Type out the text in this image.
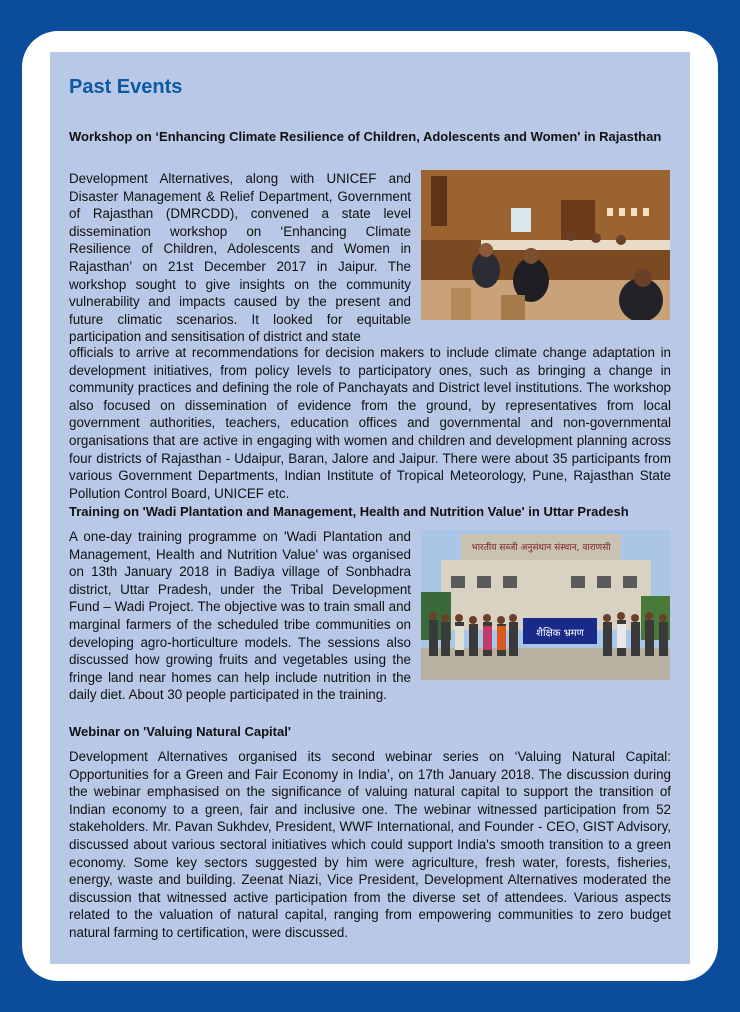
Past Events
Workshop on ‘Enhancing Climate Resilience of Children, Adolescents and Women' in Rajasthan

Development Alternatives, along with UNICEF and Disaster Management & Relief Department, Government of Rajasthan (DMRCDD), convened a state level dissemination workshop on ‘Enhancing Climate Resilience of Children, Adolescents and Women in Rajasthan’ on 21st December 2017 in Jaipur. The workshop sought to give insights on the community vulnerability and impacts caused by the present and future climatic scenarios. It looked for equitable participation and sensitisation of district and state

officials to arrive at recommendations for decision makers to include climate change adaptation in development initiatives, from policy levels to participatory ones, such as bringing a change in community practices and defining the role of Panchayats and District level institutions. The workshop also focused on dissemination of evidence from the ground, by representatives from local government authorities, teachers, education offices and governmental and non-governmental organisations that are active in engaging with women and children and development planning across four districts of Rajasthan - Udaipur, Baran, Jalore and Jaipur. There were about 35 participants from various Government Departments, Indian Institute of Tropical Meteorology, Pune, Rajasthan State Pollution Control Board, UNICEF etc.

Training on 'Wadi Plantation and Management, Health and Nutrition Value' in Uttar Pradesh

A one-day training programme on 'Wadi Plantation and Management, Health and Nutrition Value' was organised on 13th January 2018 in Badiya village of Sonbhadra district, Uttar Pradesh, under the Tribal Development Fund – Wadi Project. The objective was to train small and marginal farmers of the scheduled tribe communities on developing agro-horticulture models. The sessions also discussed how growing fruits and vegetables using the fringe land near homes can help include nutrition in the daily diet. About 30 people participated in the training.

भारतीय सब्जी अनुसंधान संस्थान, वाराणसी
शैक्षिक भ्रमण
Webinar on 'Valuing Natural Capital'

Development Alternatives organised its second webinar series on ‘Valuing Natural Capital: Opportunities for a Green and Fair Economy in India’, on 17th January 2018. The discussion during the webinar emphasised on the significance of valuing natural capital to support the transition of Indian economy to a green, fair and inclusive one. The webinar witnessed participation from 52 stakeholders. Mr. Pavan Sukhdev, President, WWF International, and Founder - CEO, GIST Advisory, discussed about various sectoral initiatives which could support India's smooth transition to a green economy. Some key sectors suggested by him were agriculture, fresh water, forests, fisheries, energy, waste and building. Zeenat Niazi, Vice President, Development Alternatives moderated the discussion that witnessed active participation from the diverse set of attendees. Various aspects related to the valuation of natural capital, ranging from empowering communities to zero budget natural farming to certification, were discussed.
